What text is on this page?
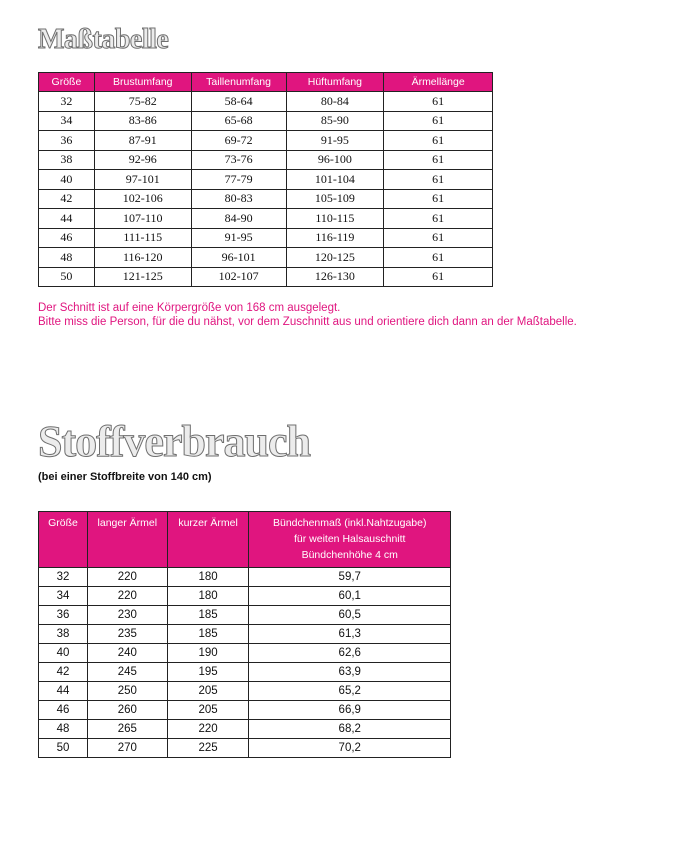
Maßtabelle
Größe	Brustumfang	Taillenumfang	Hüftumfang	Ärmellänge
32	75-82	58-64	80-84	61
34	83-86	65-68	85-90	61
36	87-91	69-72	91-95	61
38	92-96	73-76	96-100	61
40	97-101	77-79	101-104	61
42	102-106	80-83	105-109	61
44	107-110	84-90	110-115	61
46	111-115	91-95	116-119	61
48	116-120	96-101	120-125	61
50	121-125	102-107	126-130	61
Der Schnitt ist auf eine Körpergröße von 168 cm ausgelegt.
Bitte miss die Person, für die du nähst, vor dem Zuschnitt aus und orientiere dich dann an der Maßtabelle.
Stoffverbrauch
(bei einer Stoffbreite von 140 cm)
Größe	langer Ärmel	kurzer Ärmel	Bündchenmaß (inkl.Nahtzugabe)
für weiten Halsauschnitt
Bündchenhöhe 4 cm
32	220	180	59,7
34	220	180	60,1
36	230	185	60,5
38	235	185	61,3
40	240	190	62,6
42	245	195	63,9
44	250	205	65,2
46	260	205	66,9
48	265	220	68,2
50	270	225	70,2
